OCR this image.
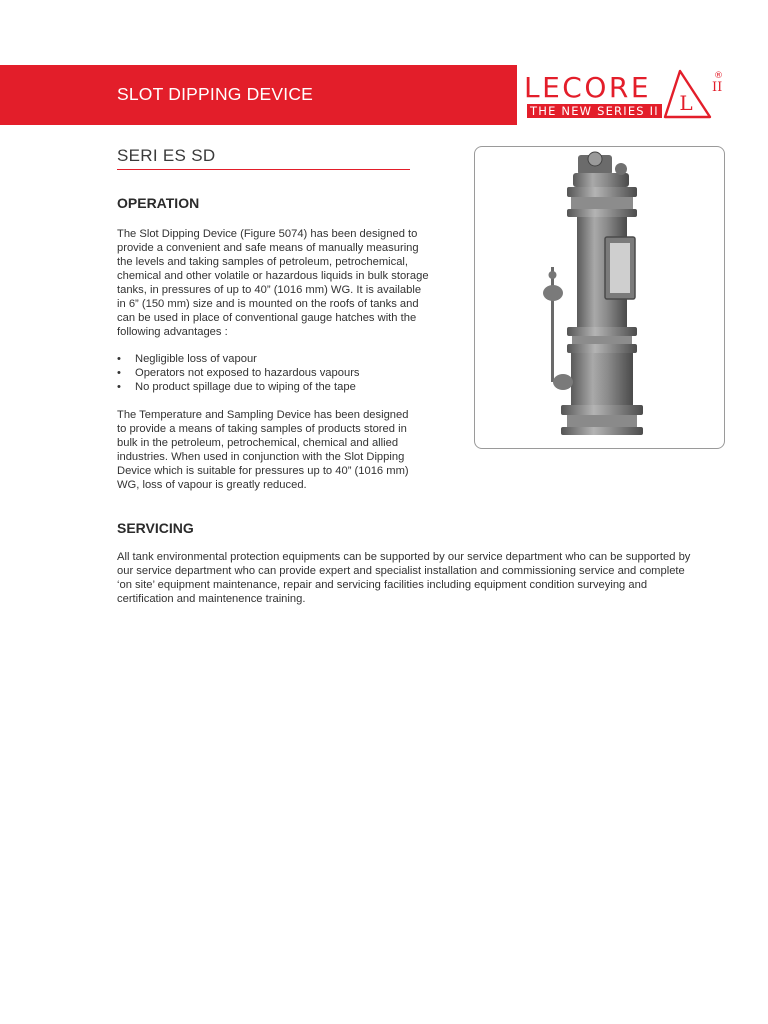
SLOT DIPPING DEVICE	LECORE
THE NEW SERIES II L
II
®
SERI ES SD
OPERATION
The Slot Dipping Device (Figure 5074) has been designed to
provide a convenient and safe means of manually measuring
the levels and taking samples of petroleum, petrochemical,
chemical and other volatile or hazardous liquids in bulk storage
tanks, in pressures of up to 40” (1016 mm) WG. It is available
in 6” (150 mm) size and is mounted on the roofs of tanks and
can be used in place of conventional gauge hatches with the
following advantages :
• Negligible loss of vapour
• Operators not exposed to hazardous vapours
• No product spillage due to wiping of the tape
The Temperature and Sampling Device has been designed
to provide a means of taking samples of products stored in
bulk in the petroleum, petrochemical, chemical and allied
industries. When used in conjunction with the Slot Dipping
Device which is suitable for pressures up to 40” (1016 mm)
WG, loss of vapour is greatly reduced.
SERVICING
All tank environmental protection equipments can be supported by our service department who can be supported by
our service department who can provide expert and specialist installation and commissioning service and complete
‘on site’ equipment maintenance, repair and servicing facilities including equipment condition surveying and
certification and maintenence training.
